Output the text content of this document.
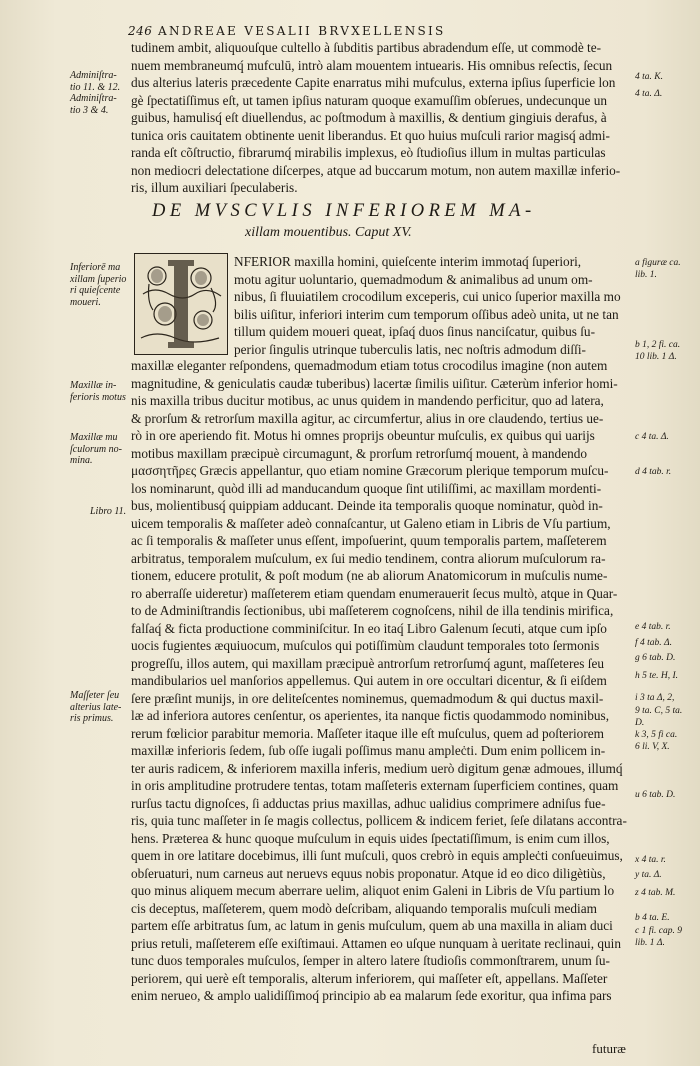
246 ANDREAE VESALII BRVXELLENSIS
tudinem ambit, aliquouſque cultello à ſubditis partibus abradendum eſſe, ut commodè te-
nuem membraneumq́ mufculū, intrò alam mouentem intuearis. His omnibus reſectis, ſecun
dus alterius lateris præcedente Capite enarratus mihi mufculus, externa ipſius ſuperficie lon
gè ſpectatiſſimus eſt, ut tamen ipſius naturam quoque examuſſim obſerues, undecunque un
guibus, hamulisq́ eſt diuellendus, ac poſtmodum à maxillis, & dentium gingiuis derafus, à
tunica oris cauitatem obtinente uenit liberandus. Et quo huius muſculi rarior magisq́ admi-
randa eſt cõſtructio, fibrarumq́ mirabilis implexus, eò ſtudioſius illum in multas particulas
non mediocri delectatione diſcerpes, atque ad buccarum motum, non autem maxillæ inferio-
ris, illum auxiliari ſpeculaberis.
DE MVSCVLIS INFERIOREM MA-
xillam mouentibus. Caput XV.
NFERIOR maxilla homini, quieſcente interim immotaq́ ſuperiori,
motu agitur uoluntario, quemadmodum & animalibus ad unum om-
nibus, ſi fluuiatilem crocodilum exceperis, cui unico ſuperior maxilla mo
bilis uiſitur, inferiori interim cum temporum oſſibus adeò unita, ut ne tan
tillum quidem moueri queat, ipſaq́ duos ſinus nanciſcatur, quibus ſu-
perior ſingulis utrinque tuberculis latis, nec noſtris admodum diſſi-
maxillæ eleganter reſpondens, quemadmodum etiam totus crocodilus imagine (non autem
magnitudine, & geniculatis caudæ tuberibus) lacertæ ſimilis uiſitur. Cæterùm inferior homi-
nis maxilla tribus ducitur motibus, ac unus quidem in mandendo perficitur, quo ad latera,
& prorſum & retrorſum maxilla agitur, ac circumfertur, alius in ore claudendo, tertius ue-
rò in ore aperiendo fit. Motus hi omnes proprijs obeuntur muſculis, ex quibus qui uarijs
motibus maxillam præcipuè circumagunt, & prorſum retrorſumq́ mouent, à mandendo
μασσητῆρες Græcis appellantur, quo etiam nomine Græcorum plerique temporum muſcu-
los nominarunt, quòd illi ad manducandum quoque ſint utiliſſimi, ac maxillam mordenti-
bus, molientibusq́ quippiam adducant. Deinde ita temporalis quoque nominatur, quòd in-
uicem temporalis & maſſeter adeò connaſcantur, ut Galeno etiam in Libris de Vſu partium,
ac ſi temporalis & maſſeter unus eſſent, impoſuerint, quum temporalis partem, maſſeterem
arbitratus, temporalem muſculum, ex ſui medio tendinem, contra aliorum muſculorum ra-
tionem, educere protulit, & poſt modum (ne ab aliorum Anatomicorum in muſculis nume-
ro aberraſſe uideretur) maſſeterem etiam quendam enumerauerit ſecus multò, atque in Quar-
to de Adminiſtrandis ſectionibus, ubi maſſeterem cognoſcens, nihil de illa tendinis mirifica,
falſaq́ & ficta productione comminiſcitur. In eo itaq́ Libro Galenum ſecuti, atque cum ipſo
uocis fugientes æquiuocum, muſculos qui potiſſimùm claudunt temporales toto ſermonis
progreſſu, illos autem, qui maxillam præcipuè antrorſum retrorſumq́ agunt, maſſeteres ſeu
mandibularios uel manſorios appellemus. Qui autem in ore occultari dicentur, & ſi eiſdem
ſere præſint munijs, in ore deliteſcentes nominemus, quemadmodum & qui ductus maxil-
læ ad inferiora autores cenſentur, os aperientes, ita nanque fictis quodammodo nominibus,
rerum fœlicior parabitur memoria. Maſſeter itaque ille eſt muſculus, quem ad poſteriorem
maxillæ inferioris ſedem, ſub oſſe iugali poſſimus manu ampleċti. Dum enim pollicem in-
ter auris radicem, & inferiorem maxilla inferis, medium uerò digitum genæ admoues, illumq́
in oris amplitudine protrudere tentas, totam maſſeteris externam ſuperficiem contines, quam
rurſus tactu dignoſces, ſi adductas prius maxillas, adhuc ualidius comprimere adniſus fue-
ris, quia tunc maſſeter in ſe magis collectus, pollicem & indicem feriet, ſeſe dilatans accontra-
hens. Præterea & hunc quoque muſculum in equis uides ſpectatiſſimum, is enim cum illos,
quem in ore latitare docebimus, illi ſunt muſculi, quos crebrò in equis ampleċti conſueuimus,
obſeruaturi, num carneus aut neruevs equus nobis proponatur. Atque id eo dico diligètiùs,
quo minus aliquem mecum aberrare uelim, aliquot enim Galeni in Libris de Vſu partium lo
cis deceptus, maſſeterem, quem modò deſcribam, aliquando temporalis muſculi mediam
partem eſſe arbitratus ſum, ac latum in genis muſculum, quem ab una maxilla in aliam duci
prius retuli, maſſeterem eſſe exiſtimaui. Attamen eo uſque nunquam à ueritate reclinaui, quin
tunc duos temporales muſculos, ſemper in altero latere ſtudioſis commonſtrarem, unum ſu-
periorem, qui uerè eſt temporalis, alterum inferiorem, qui maſſeter eſt, appellans. Maſſeter
enim nerueo, & amplo ualidiſſimoq́ principio ab ea malarum ſede exoritur, qua infima pars
futuræ
Adminiſtra-
tio 11. & 12.
Adminiſtra-
tio 3 & 4.
Inferiorē ma
xillam ſuperio
ri quieſcente
moueri.
Maxillæ in-
ferioris motus
Maxillæ mu
ſculorum no-
mina.
Libro 11.
Maſſeter ſeu
alterius late-
ris primus.
4 ta. K.
4 ta. Δ.
a figuræ ca.
lib. 1.
b 1, 2 fi. ca.
10 lib. 1 Δ.
c 4 ta. Δ.
d 4 tab. r.
e 4 tab. r.
f 4 tab. Δ.
g 6 tab. D.
h 5 te. H, I.
i 3 ta Δ, 2,
9 ta. C, 5 ta.
D.
k 3, 5 fi ca.
6 li. V, X.
u 6 tab. D.
x 4 ta. r.
y ta. Δ.
z 4 tab. M.
b 4 ta. E.
c 1 fi. cap. 9
lib. 1 Δ.
